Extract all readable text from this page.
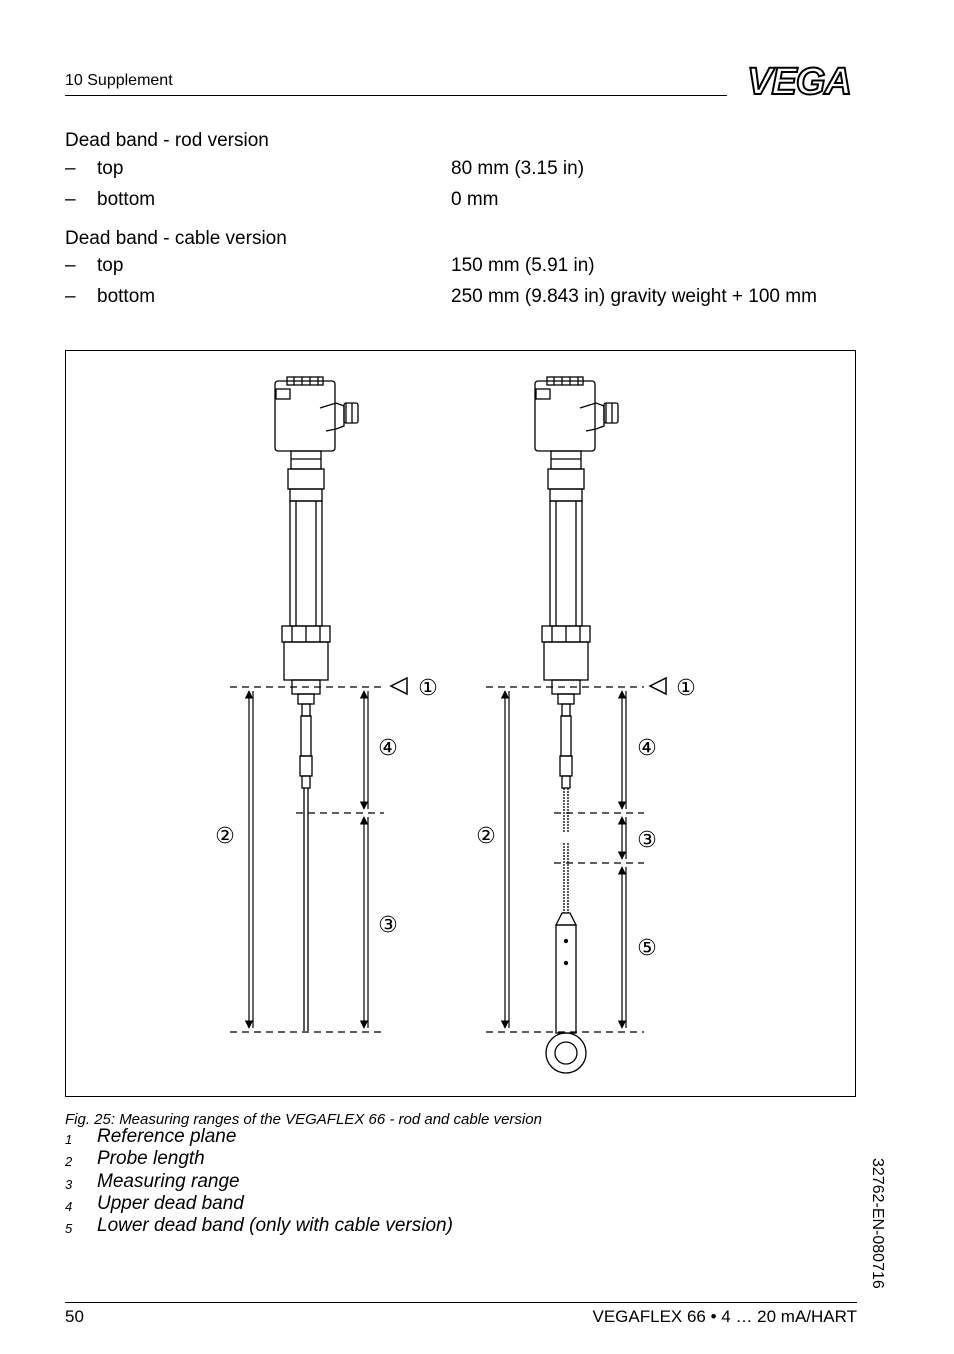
10 Supplement	VEGA
Dead band - rod version
– top	80 mm (3.15 in)
– bottom	0 mm
Dead band - cable version
– top	150 mm (5.91 in)
– bottom	250 mm (9.843 in) gravity weight + 100 mm
①
④
②
③
①
④
②	③
⑤
Fig. 25: Measuring ranges of the VEGAFLEX 66 - rod and cable version
1 Reference plane
2 Probe length
3 Measuring range
4 Upper dead band
5 Lower dead band (only with cable version)	32762-EN-080716
50	VEGAFLEX 66 • 4 … 20 mA/HART
